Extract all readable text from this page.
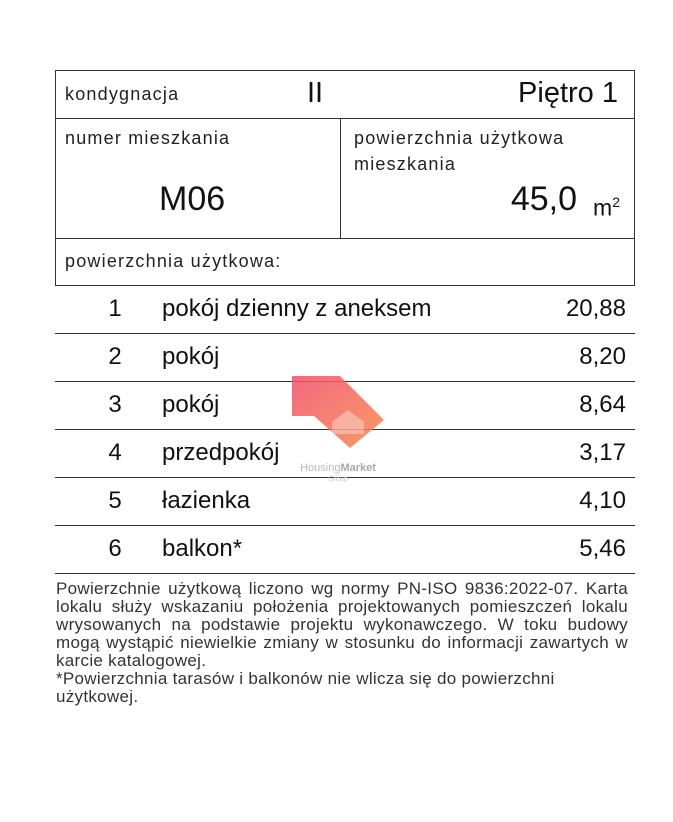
kondygnacja	II	Piętro 1
numer mieszkania
M06
powierzchnia użytkowa
mieszkania
45,0 $m^2$
powierzchnia użytkowa:
1	pokój dzienny z aneksem	20,88
2	pokój	8,20
3	pokój	8,64
4	przedpokój	3,17
5	łazienka	4,10
6	balkon*	5,46

Powierzchnie użytkową liczono wg normy PN-ISO 9836:2022-07. Karta lokalu służy wskazaniu położenia projektowanych pomieszczeń lokalu wrysowanych na podstawie projektu wykonawczego. W toku budowy mogą wystąpić niewielkie zmiany w stosunku do informacji zawartych w karcie katalogowej.

*Powierzchnia tarasów i balkonów nie wlicza się do powierzchni użytkowej.

HousingMarket
Group
